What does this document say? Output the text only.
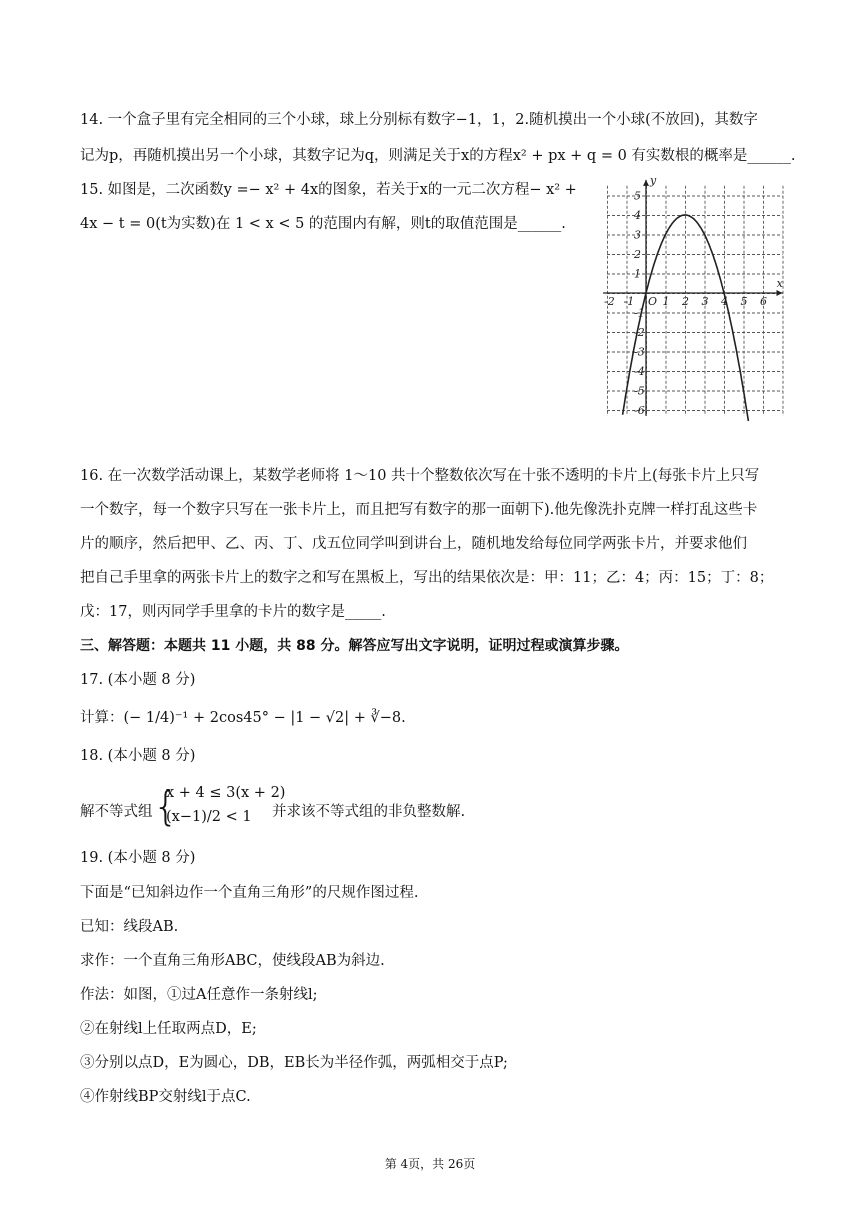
14. 一个盒子里有完全相同的三个小球，球上分别标有数字−1，1，2.随机摸出一个小球(不放回)，其数字
记为p，再随机摸出另一个小球，其数字记为q，则满足关于x的方程x² + px + q = 0 有实数根的概率是______.
15. 如图是，二次函数y =− x² + 4x的图象，若关于x的一元二次方程− x² +
4x − t = 0(t为实数)在 1 < x < 5 的范围内有解，则t的取值范围是______.
-2 -1 O 1 2 3 4 5 6
5
4
3
2
1
-1
-2
-3
-4
-5
-6
x
y
16. 在一次数学活动课上，某数学老师将 1～10 共十个整数依次写在十张不透明的卡片上(每张卡片上只写
一个数字，每一个数字只写在一张卡片上，而且把写有数字的那一面朝下).他先像洗扑克牌一样打乱这些卡
片的顺序，然后把甲、乙、丙、丁、戊五位同学叫到讲台上，随机地发给每位同学两张卡片，并要求他们
把自己手里拿的两张卡片上的数字之和写在黑板上，写出的结果依次是：甲：11；乙：4；丙：15；丁：8；
戊：17，则丙同学手里拿的卡片的数字是_____.
三、解答题：本题共 11 小题，共 88 分。解答应写出文字说明，证明过程或演算步骤。
17. (本小题 8 分)
计算：(− 1/4)⁻¹ + 2cos45° − |1 − √2| + ∛−8.
18. (本小题 8 分)
解不等式组 {
x + 4 ≤ 3(x + 2)
(x−1)/2 < 1 并求该不等式组的非负整数解.
19. (本小题 8 分)
下面是“已知斜边作一个直角三角形”的尺规作图过程.
已知：线段AB.
求作：一个直角三角形ABC，使线段AB为斜边.
作法：如图，①过A任意作一条射线l;
②在射线l上任取两点D，E;
③分别以点D，E为圆心，DB，EB长为半径作弧，两弧相交于点P;
④作射线BP交射线l于点C.
第 4页，共 26页
